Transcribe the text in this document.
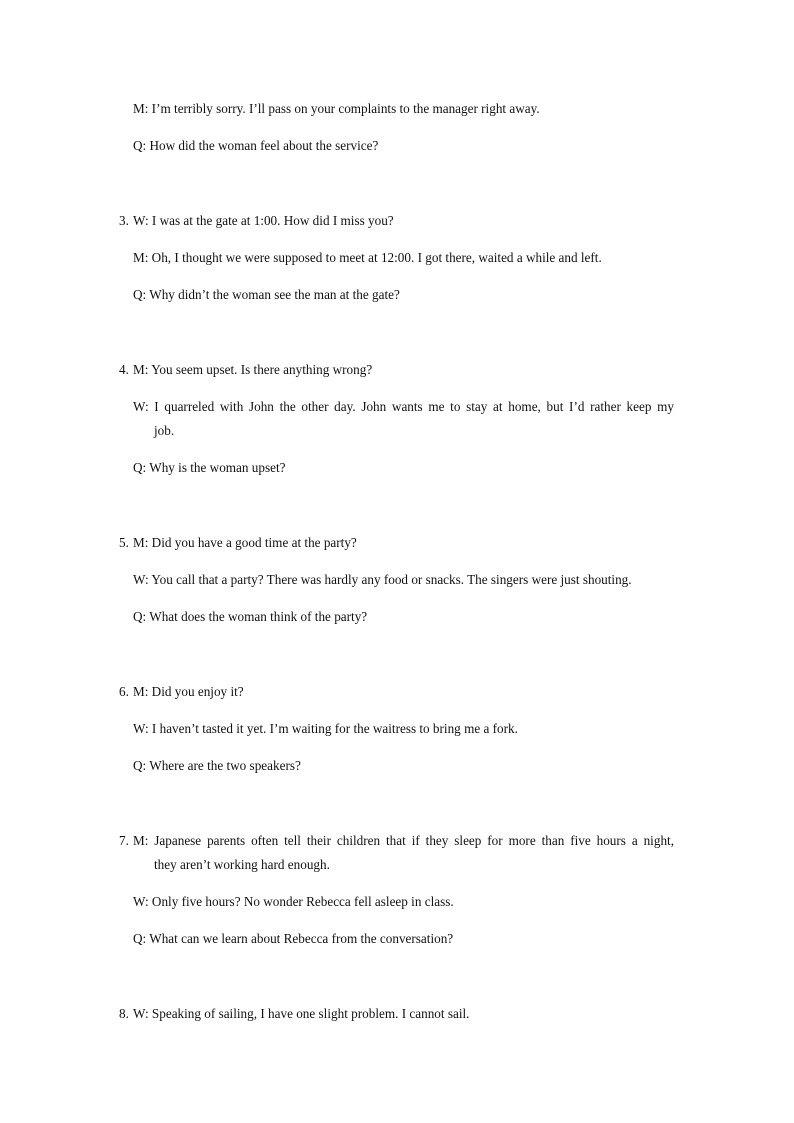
M: I’m terribly sorry. I’ll pass on your complaints to the manager right away.
Q: How did the woman feel about the service?
3. W: I was at the gate at 1:00. How did I miss you?
M: Oh, I thought we were supposed to meet at 12:00. I got there, waited a while and left.
Q: Why didn’t the woman see the man at the gate?
4. M: You seem upset. Is there anything wrong?
W: I quarreled with John the other day. John wants me to stay at home, but I’d rather keep my
job.
Q: Why is the woman upset?
5. M: Did you have a good time at the party?
W: You call that a party? There was hardly any food or snacks. The singers were just shouting.
Q: What does the woman think of the party?
6. M: Did you enjoy it?
W: I haven’t tasted it yet. I’m waiting for the waitress to bring me a fork.
Q: Where are the two speakers?
7. M: Japanese parents often tell their children that if they sleep for more than five hours a night,
they aren’t working hard enough.
W: Only five hours? No wonder Rebecca fell asleep in class.
Q: What can we learn about Rebecca from the conversation?
8. W: Speaking of sailing, I have one slight problem. I cannot sail.
